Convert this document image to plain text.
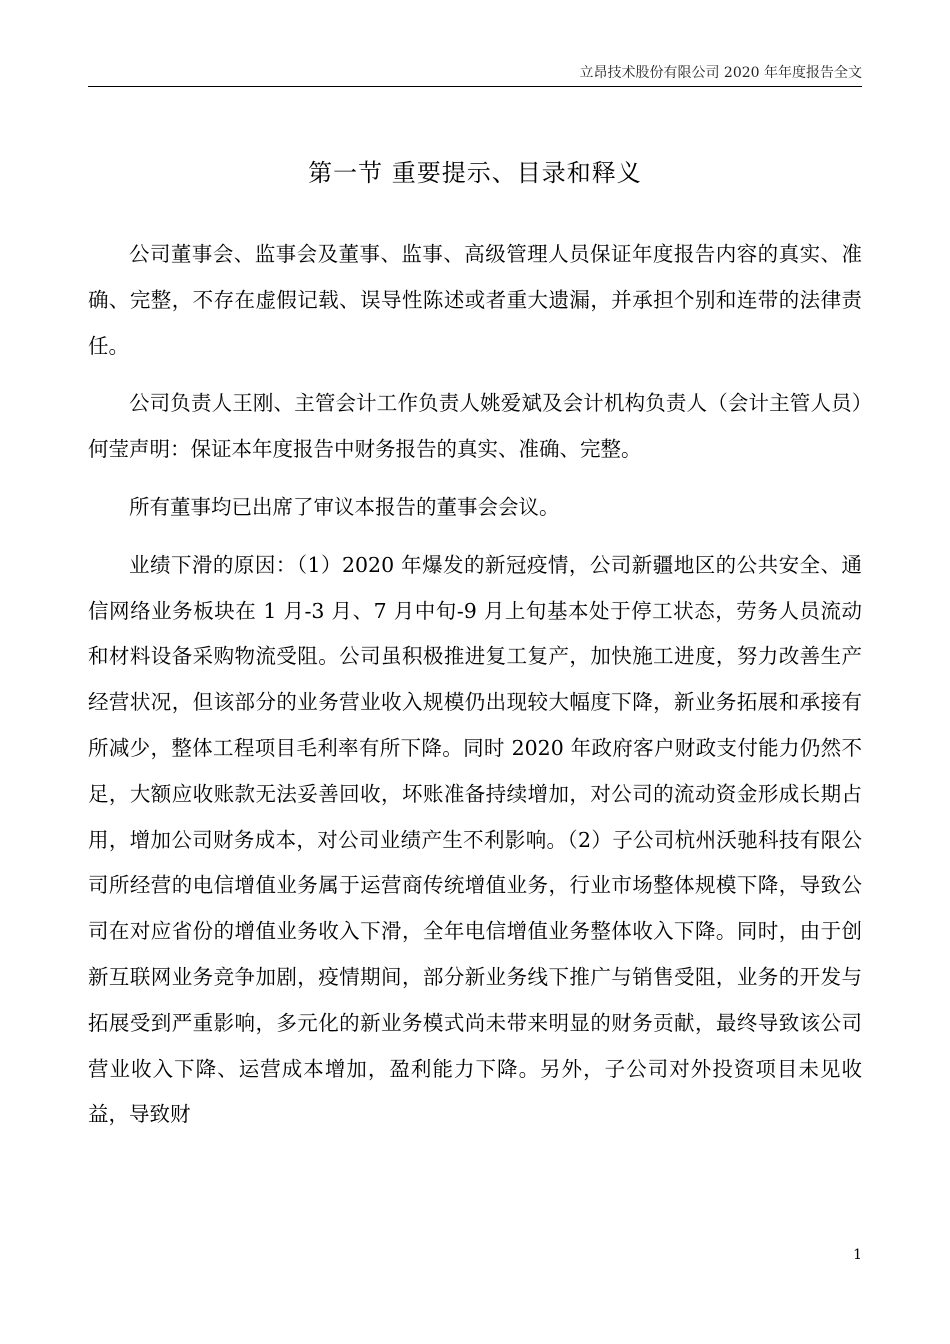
立昂技术股份有限公司 2020 年年度报告全文
第一节 重要提示、目录和释义

公司董事会、监事会及董事、监事、高级管理人员保证年度报告内容的真实、准确、完整，不存在虚假记载、误导性陈述或者重大遗漏，并承担个别和连带的法律责任。

公司负责人王刚、主管会计工作负责人姚爱斌及会计机构负责人（会计主管人员）何莹声明：保证本年度报告中财务报告的真实、准确、完整。

所有董事均已出席了审议本报告的董事会会议。

业绩下滑的原因：（1）2020 年爆发的新冠疫情，公司新疆地区的公共安全、通信网络业务板块在 1 月-3 月、7 月中旬-9 月上旬基本处于停工状态，劳务人员流动和材料设备采购物流受阻。公司虽积极推进复工复产，加快施工进度，努力改善生产经营状况，但该部分的业务营业收入规模仍出现较大幅度下降，新业务拓展和承接有所减少，整体工程项目毛利率有所下降。同时 2020 年政府客户财政支付能力仍然不足，大额应收账款无法妥善回收，坏账准备持续增加，对公司的流动资金形成长期占用，增加公司财务成本，对公司业绩产生不利影响。（2）子公司杭州沃驰科技有限公司所经营的电信增值业务属于运营商传统增值业务，行业市场整体规模下降，导致公司在对应省份的增值业务收入下滑，全年电信增值业务整体收入下降。同时，由于创新互联网业务竞争加剧，疫情期间，部分新业务线下推广与销售受阻，业务的开发与拓展受到严重影响，多元化的新业务模式尚未带来明显的财务贡献，最终导致该公司营业收入下降、运营成本增加，盈利能力下降。另外，子公司对外投资项目未见收益，导致财

1
